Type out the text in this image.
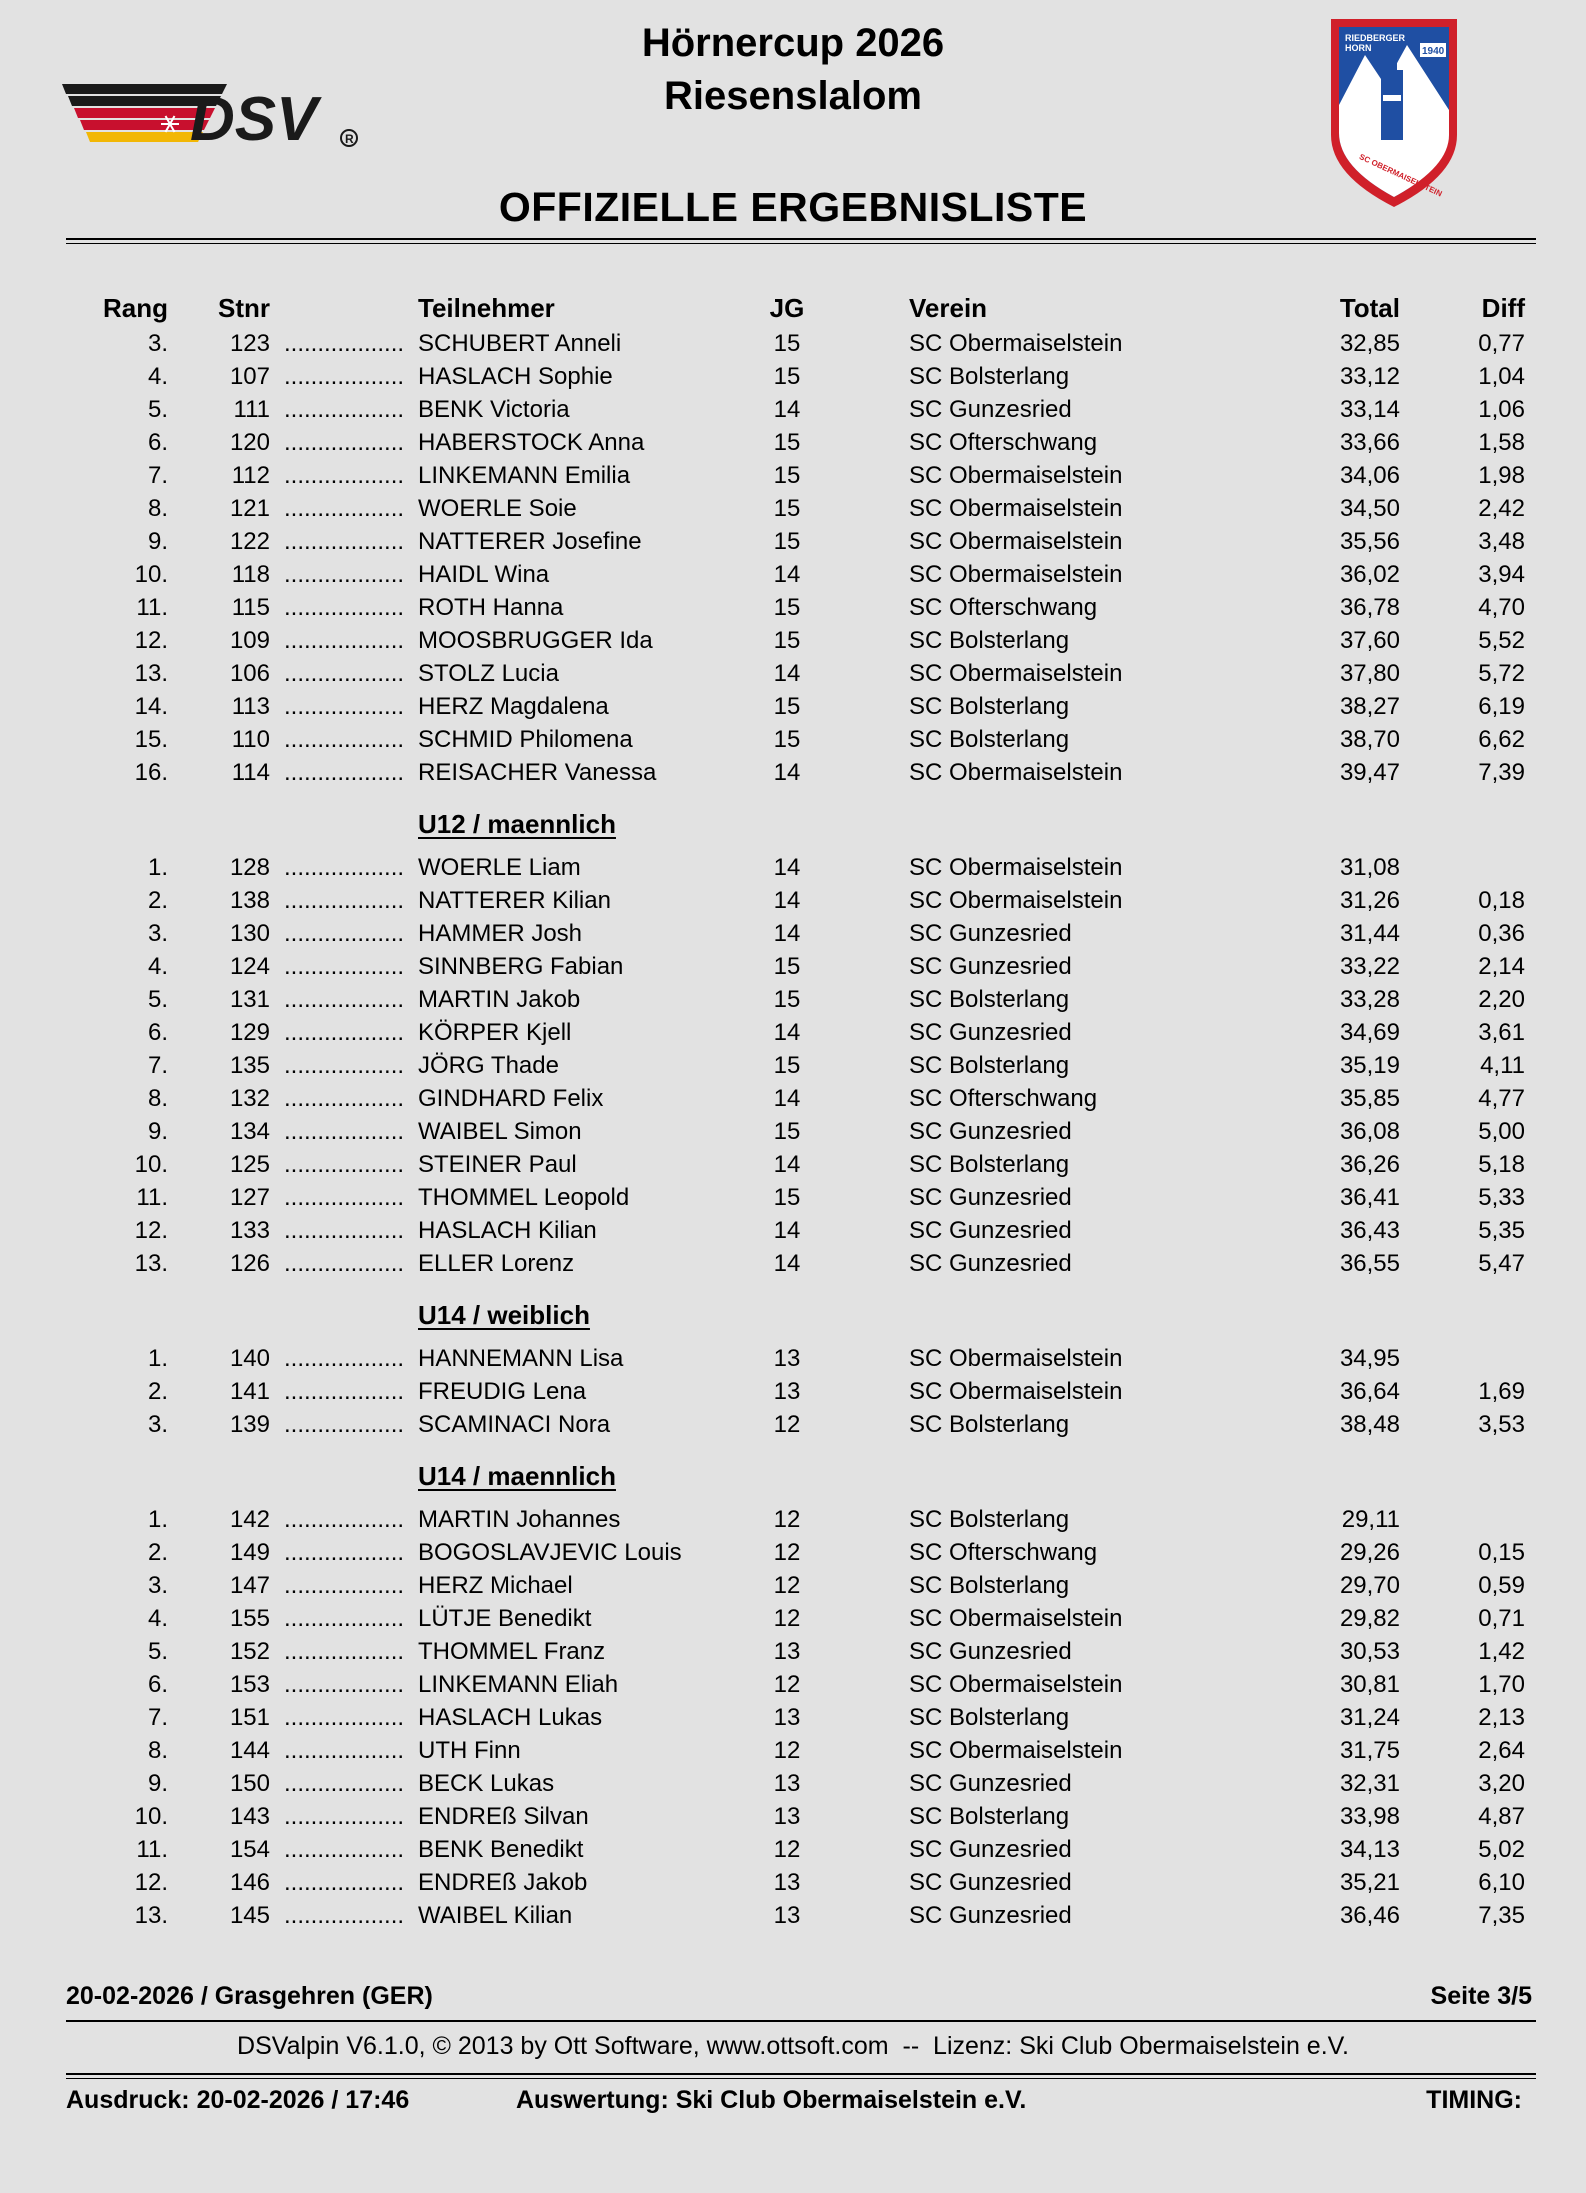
DSV	R
RIEDBERGER
HORN	1940
SC OBERMAISELSTEIN
Hörnercup 2026
Riesenslalom
OFFIZIELLE ERGEBNISLISTE
Rang	Stnr	Teilnehmer	JG	Verein	Total	Diff
3.	123 .................. SCHUBERT Anneli	15	SC Obermaiselstein	32,85	0,77
4.	107 .................. HASLACH Sophie	15	SC Bolsterlang	33,12	1,04
5.	111 .................. BENK Victoria	14	SC Gunzesried	33,14	1,06
6.	120 .................. HABERSTOCK Anna	15	SC Ofterschwang	33,66	1,58
7.	112 .................. LINKEMANN Emilia	15	SC Obermaiselstein	34,06	1,98
8.	121 .................. WOERLE Soie	15	SC Obermaiselstein	34,50	2,42
9.	122 .................. NATTERER Josefine	15	SC Obermaiselstein	35,56	3,48
10.	118 .................. HAIDL Wina	14	SC Obermaiselstein	36,02	3,94
11.	115 .................. ROTH Hanna	15	SC Ofterschwang	36,78	4,70
12.	109 .................. MOOSBRUGGER Ida	15	SC Bolsterlang	37,60	5,52
13.	106 .................. STOLZ Lucia	14	SC Obermaiselstein	37,80	5,72
14.	113 .................. HERZ Magdalena	15	SC Bolsterlang	38,27	6,19
15.	110 .................. SCHMID Philomena	15	SC Bolsterlang	38,70	6,62
16.	114 .................. REISACHER Vanessa	14	SC Obermaiselstein	39,47	7,39
U12 / maennlich
1.	128 .................. WOERLE Liam	14	SC Obermaiselstein	31,08
2.	138 .................. NATTERER Kilian	14	SC Obermaiselstein	31,26	0,18
3.	130 .................. HAMMER Josh	14	SC Gunzesried	31,44	0,36
4.	124 .................. SINNBERG Fabian	15	SC Gunzesried	33,22	2,14
5.	131 .................. MARTIN Jakob	15	SC Bolsterlang	33,28	2,20
6.	129 .................. KÖRPER Kjell	14	SC Gunzesried	34,69	3,61
7.	135 .................. JÖRG Thade	15	SC Bolsterlang	35,19	4,11
8.	132 .................. GINDHARD Felix	14	SC Ofterschwang	35,85	4,77
9.	134 .................. WAIBEL Simon	15	SC Gunzesried	36,08	5,00
10.	125 .................. STEINER Paul	14	SC Bolsterlang	36,26	5,18
11.	127 .................. THOMMEL Leopold	15	SC Gunzesried	36,41	5,33
12.	133 .................. HASLACH Kilian	14	SC Gunzesried	36,43	5,35
13.	126 .................. ELLER Lorenz	14	SC Gunzesried	36,55	5,47
U14 / weiblich
1.	140 .................. HANNEMANN Lisa	13	SC Obermaiselstein	34,95
2.	141 .................. FREUDIG Lena	13	SC Obermaiselstein	36,64	1,69
3.	139 .................. SCAMINACI Nora	12	SC Bolsterlang	38,48	3,53
U14 / maennlich
1.	142 .................. MARTIN Johannes	12	SC Bolsterlang	29,11
2.	149 .................. BOGOSLAVJEVIC Louis	12	SC Ofterschwang	29,26	0,15
3.	147 .................. HERZ Michael	12	SC Bolsterlang	29,70	0,59
4.	155 .................. LÜTJE Benedikt	12	SC Obermaiselstein	29,82	0,71
5.	152 .................. THOMMEL Franz	13	SC Gunzesried	30,53	1,42
6.	153 .................. LINKEMANN Eliah	12	SC Obermaiselstein	30,81	1,70
7.	151 .................. HASLACH Lukas	13	SC Bolsterlang	31,24	2,13
8.	144 .................. UTH Finn	12	SC Obermaiselstein	31,75	2,64
9.	150 .................. BECK Lukas	13	SC Gunzesried	32,31	3,20
10.	143 .................. ENDREß Silvan	13	SC Bolsterlang	33,98	4,87
11.	154 .................. BENK Benedikt	12	SC Gunzesried	34,13	5,02
12.	146 .................. ENDREß Jakob	13	SC Gunzesried	35,21	6,10
13.	145 .................. WAIBEL Kilian	13	SC Gunzesried	36,46	7,35
20-02-2026 / Grasgehren (GER)	Seite 3/5
DSValpin V6.1.0, © 2013 by Ott Software, www.ottsoft.com  --  Lizenz: Ski Club Obermaiselstein e.V.
Ausdruck: 20-02-2026 / 17:46	Auswertung: Ski Club Obermaiselstein e.V.	TIMING:
